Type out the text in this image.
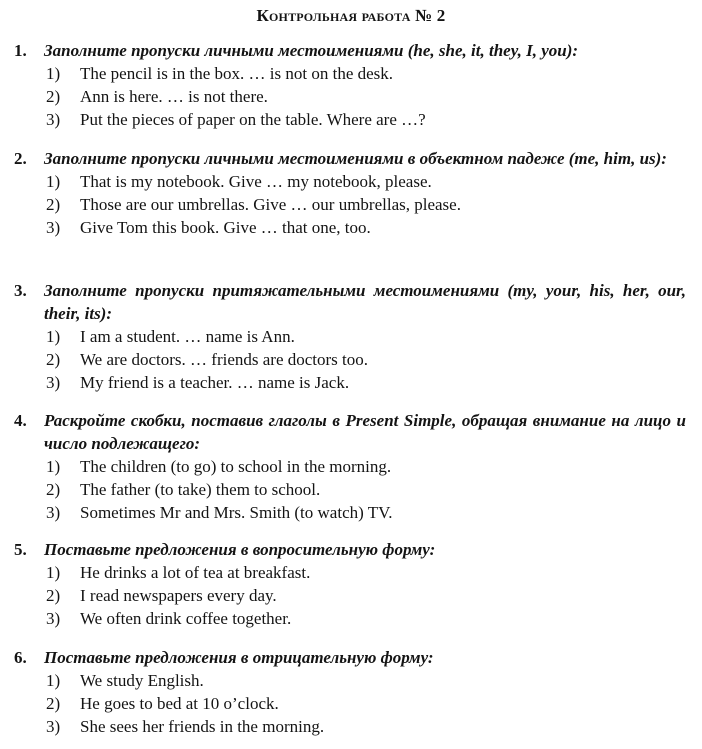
Контрольная работа № 2
1. Заполните пропуски личными местоимениями (he, she, it, they, I, you):
1) The pencil is in the box. … is not on the desk.
2) Ann is here. … is not there.
3) Put the pieces of paper on the table. Where are …?
2. Заполните пропуски личными местоимениями в объектном падеже (me, him, us):
1) That is my notebook. Give … my notebook, please.
2) Those are our umbrellas. Give … our umbrellas, please.
3) Give Tom this book. Give … that one, too.
3. Заполните пропуски притяжательными местоимениями (my, your, his, her, our, their, its):
1) I am a student. … name is Ann.
2) We are doctors. … friends are doctors too.
3) My friend is a teacher. … name is Jack.
4. Раскройте скобки, поставив глаголы в Present Simple, обращая внимание на лицо и число подлежащего:
1) The children (to go) to school in the morning.
2) The father (to take) them to school.
3) Sometimes Mr and Mrs. Smith (to watch) TV.
5. Поставьте предложения в вопросительную форму:
1) He drinks a lot of tea at breakfast.
2) I read newspapers every day.
3) We often drink coffee together.
6. Поставьте предложения в отрицательную форму:
1) We study English.
2) He goes to bed at 10 o’clock.
3) She sees her friends in the morning.
